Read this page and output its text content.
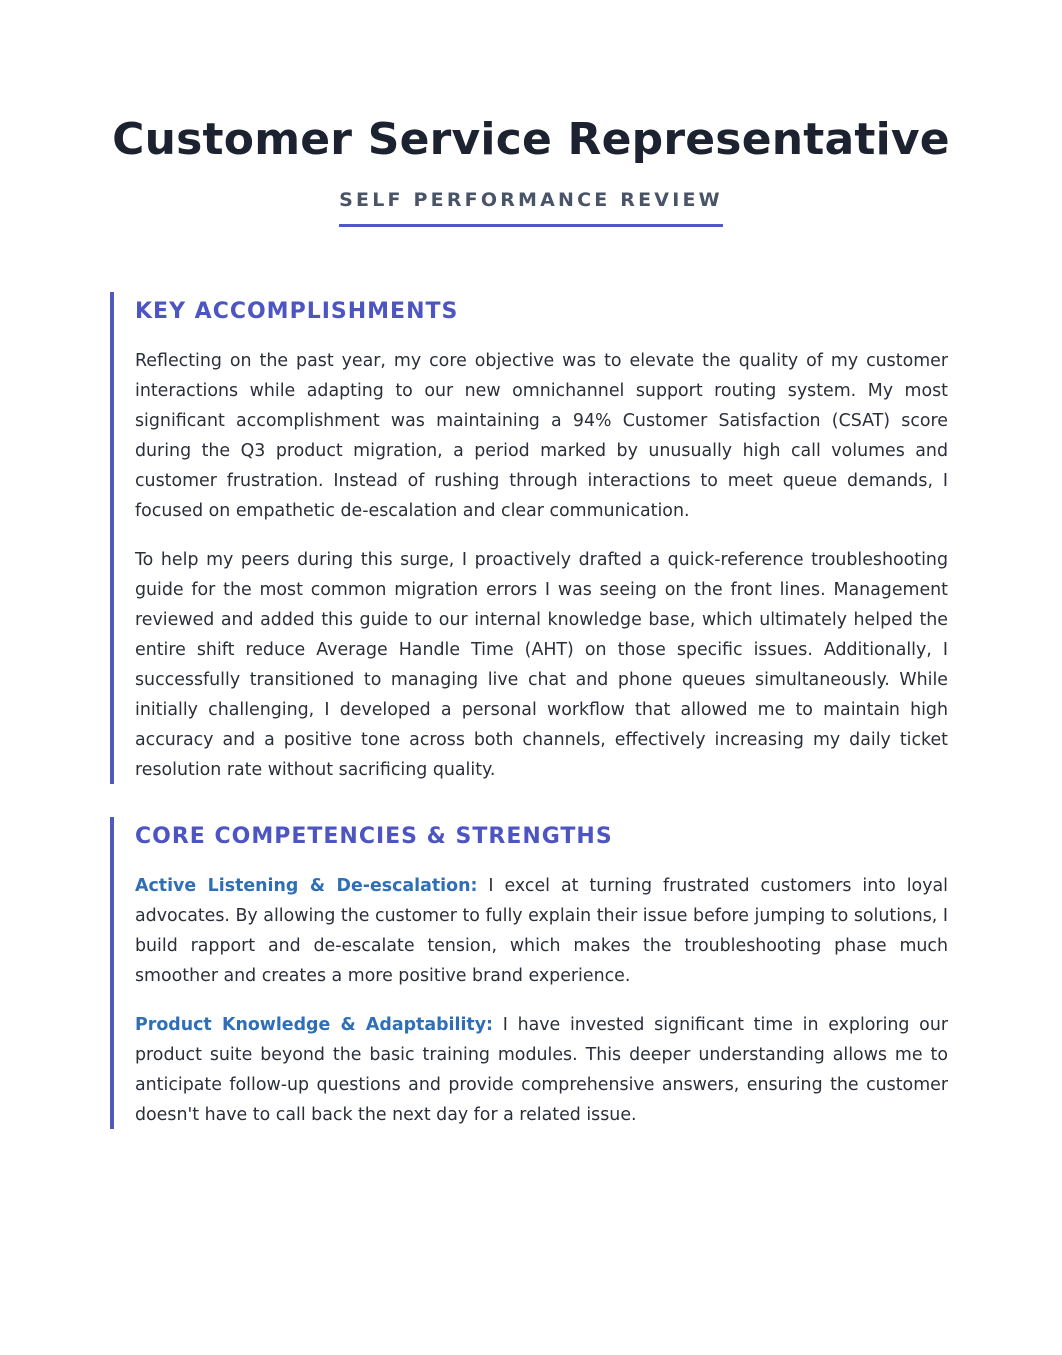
Customer Service Representative
SELF PERFORMANCE REVIEW
KEY ACCOMPLISHMENTS

Reflecting on the past year, my core objective was to elevate the quality of my customer interactions while adapting to our new omnichannel support routing system. My most significant accomplishment was maintaining a 94% Customer Satisfaction (CSAT) score during the Q3 product migration, a period marked by unusually high call volumes and customer frustration. Instead of rushing through interactions to meet queue demands, I focused on empathetic de-escalation and clear communication.

To help my peers during this surge, I proactively drafted a quick-reference troubleshooting guide for the most common migration errors I was seeing on the front lines. Management reviewed and added this guide to our internal knowledge base, which ultimately helped the entire shift reduce Average Handle Time (AHT) on those specific issues. Additionally, I successfully transitioned to managing live chat and phone queues simultaneously. While initially challenging, I developed a personal workflow that allowed me to maintain high accuracy and a positive tone across both channels, effectively increasing my daily ticket resolution rate without sacrificing quality.

CORE COMPETENCIES & STRENGTHS

Active Listening & De-escalation: I excel at turning frustrated customers into loyal advocates. By allowing the customer to fully explain their issue before jumping to solutions, I build rapport and de-escalate tension, which makes the troubleshooting phase much smoother and creates a more positive brand experience.

Product Knowledge & Adaptability: I have invested significant time in exploring our product suite beyond the basic training modules. This deeper understanding allows me to anticipate follow-up questions and provide comprehensive answers, ensuring the customer doesn't have to call back the next day for a related issue.
